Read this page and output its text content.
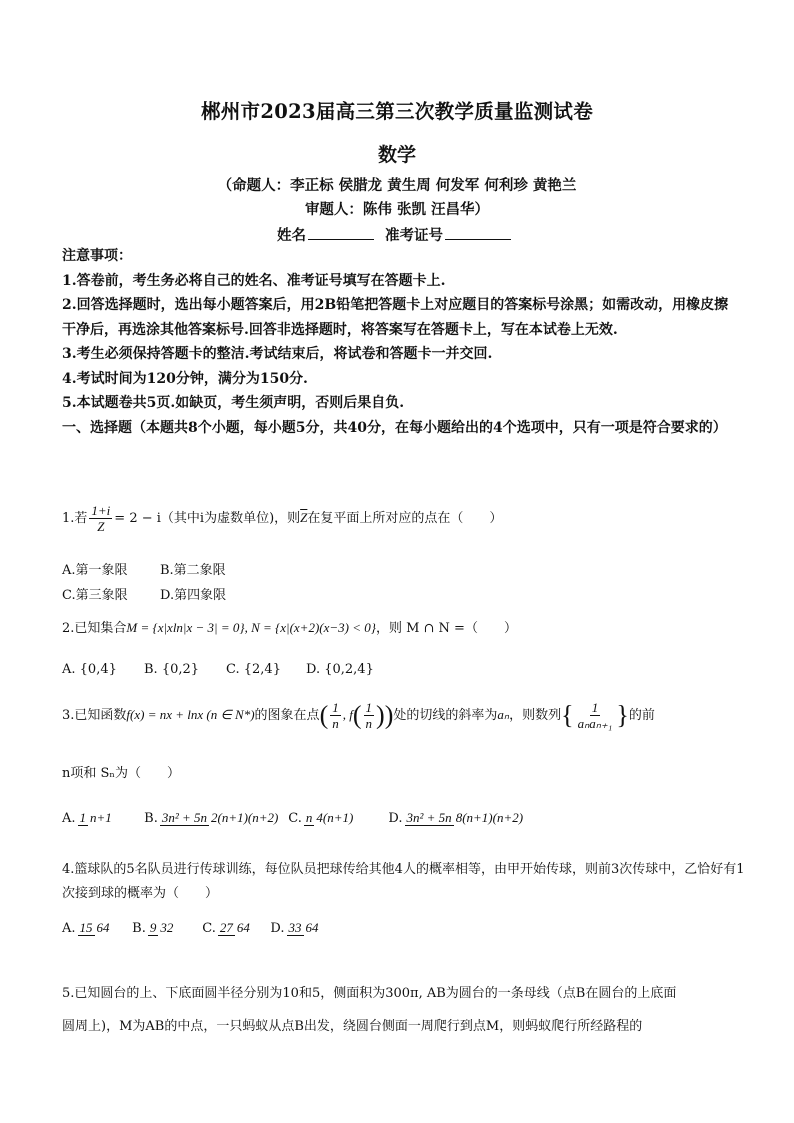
郴州市2023届高三第三次教学质量监测试卷
数学
（命题人：李正标 侯腊龙 黄生周 何发军 何利珍 黄艳兰
审题人：陈伟 张凯 汪昌华）
姓名	准考证号

注意事项：

1.答卷前，考生务必将自己的姓名、准考证号填写在答题卡上.

2.回答选择题时，选出每小题答案后，用2B铅笔把答题卡上对应题目的答案标号涂黑；如需改动，用橡皮擦干净后，再选涂其他答案标号.回答非选择题时，将答案写在答题卡上，写在本试卷上无效.

3.考生必须保持答题卡的整洁.考试结束后，将试卷和答题卡一并交回.

4.考试时间为120分钟，满分为150分.

5.本试题卷共5页.如缺页，考生须声明，否则后果自负.

一、选择题（本题共8个小题，每小题5分，共40分，在每小题给出的4个选项中，只有一项是符合要求的）

1.若 $\frac{1+i}{Z} = 2 - i$（其中i为虚数单位)，则$\overline{Z}$在复平面上所对应的点在（　　）
A.第一象限 B.第二象限
C.第三象限 D.第四象限
2.已知集合M = {x|xln|x − 3| = 0}, N = {x|(x+2)(x−3) < 0}，则 M ∩ N =（　　）
A. {0,4} B. {0,2} C. {2,4} D. {0,2,4}
3.已知函数f(x) = nx + lnx (n ∈ N*)的图象在点( $\frac{1}{n}$ , $f( \frac{1}{n}$ ))处的切线的斜率为aₙ，则数列{ $\frac{1}{\text{aₙaₙ₊₁}}$ }的前
n项和 Sₙ为（　　）
A. 1 n+1 B. 3n² + 5n 2(n+1)(n+2) C. n 4(n+1)	D. 3n² + 5n 8(n+1)(n+2)
4.篮球队的5名队员进行传球训练，每位队员把球传给其他4人的概率相等，由甲开始传球，则前3次传球中，乙恰好有1次接到球的概率为（　　）
A. 15 64 B. 9 32 C. 27 64 D. 33 64
5.已知圆台的上、下底面圆半径分别为10和5，侧面积为300π, AB为圆台的一条母线（点B在圆台的上底面
圆周上)，M为AB的中点，一只蚂蚁从点B出发，绕圆台侧面一周爬行到点M，则蚂蚁爬行所经路程的
